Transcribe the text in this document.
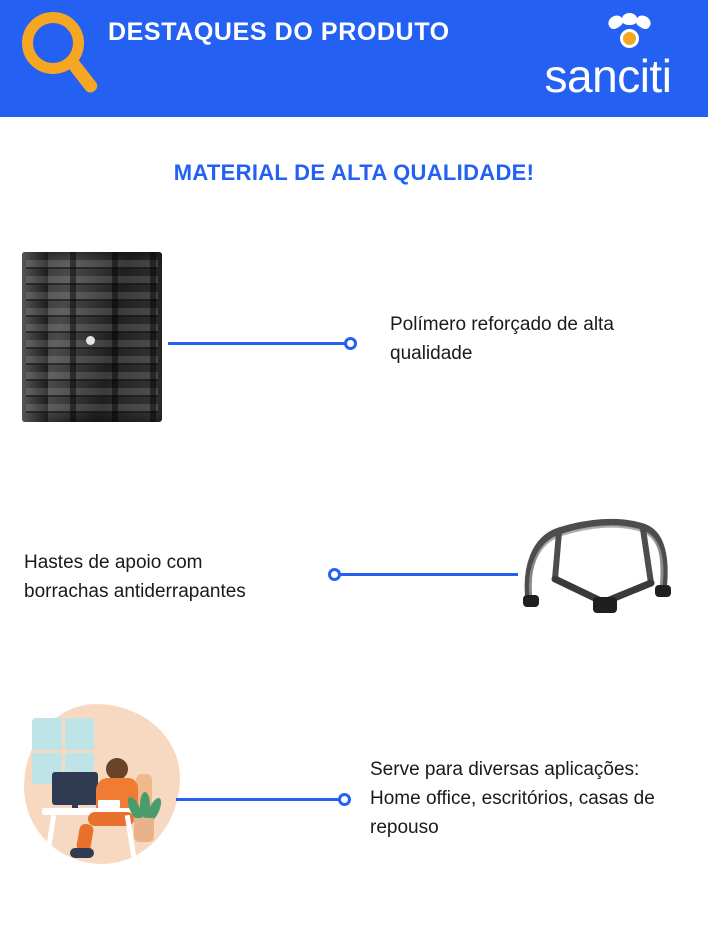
DESTAQUES DO PRODUTO
sanciti
MATERIAL DE ALTA QUALIDADE!
Polímero reforçado de alta qualidade
Hastes de apoio com borrachas antiderrapantes
Serve para diversas aplicações: Home office, escritórios, casas de repouso
